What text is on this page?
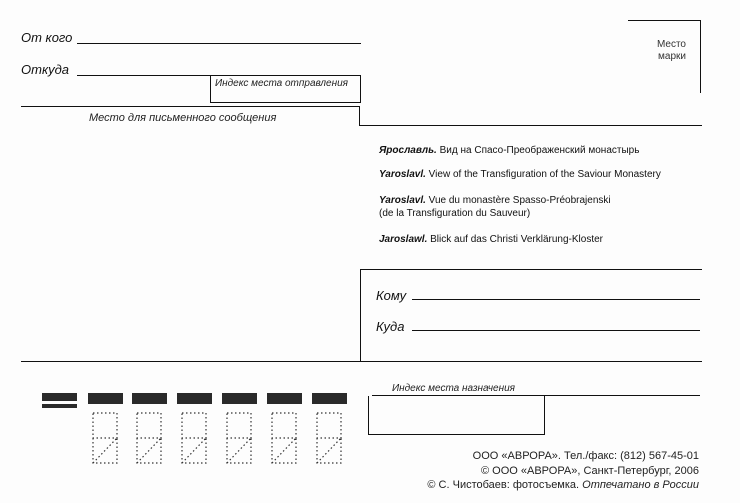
От кого
Откуда
Индекс места отправления
Место для письменного сообщения
Место
марки
Ярославль. Вид на Спасо-Преображенский монастырь
Yaroslavl. View of the Transfiguration of the Saviour Monastery
Yaroslavl. Vue du monastère Spasso-Préobrajenski
(de la Transfiguration du Sauveur)
Jaroslawl. Blick auf das Christi Verklärung-Kloster
Кому
Куда
Индекс места назначения
ООО «АВРОРА». Тел./факс: (812) 567-45-01
© ООО «АВРОРА», Санкт-Петербург, 2006
© С. Чистобаев: фотосъемка. Отпечатано в России
